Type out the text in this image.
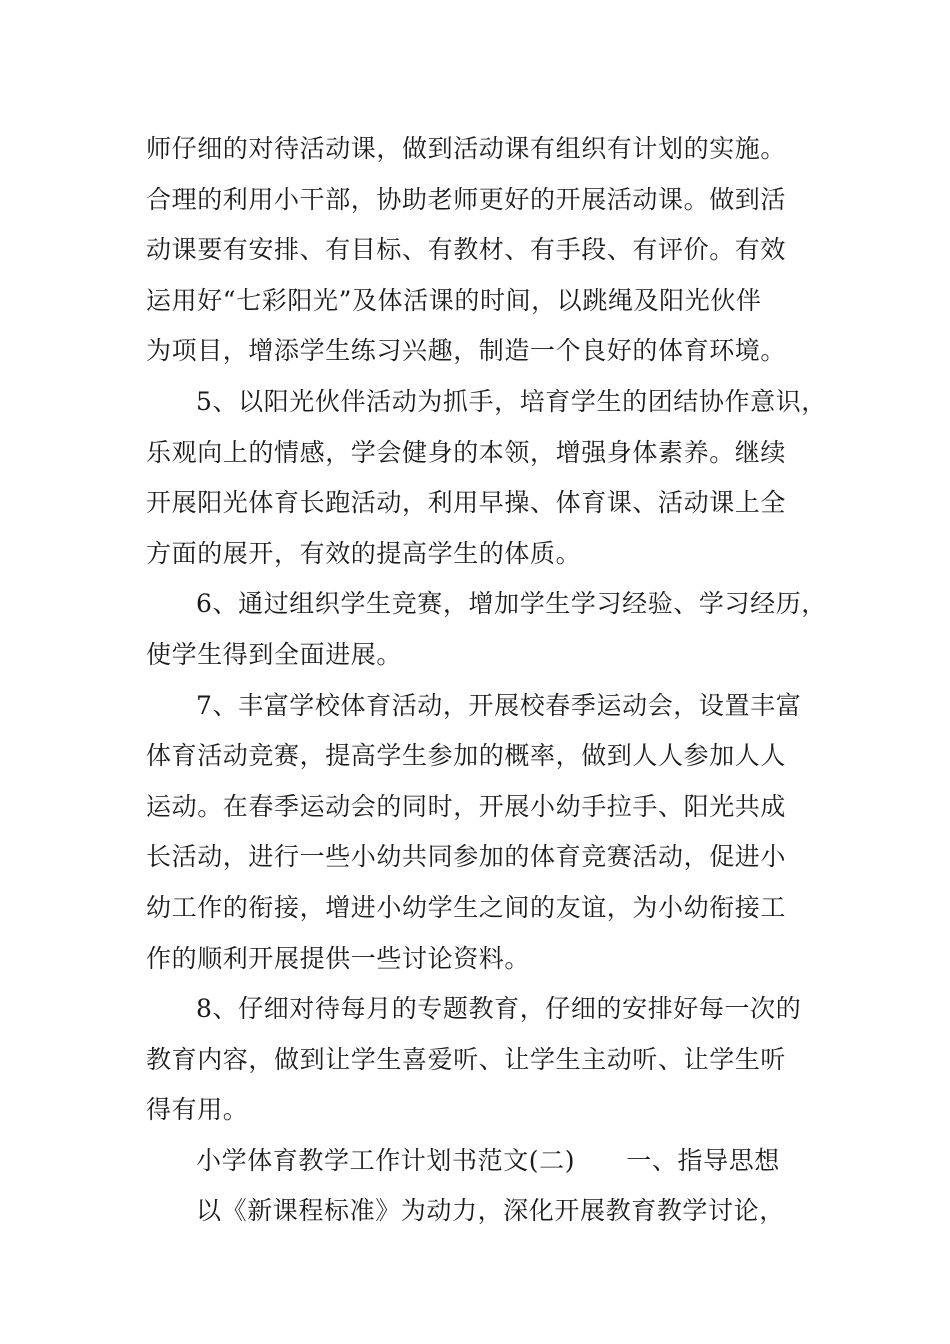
师仔细的对待活动课，做到活动课有组织有计划的实施。
合理的利用小干部，协助老师更好的开展活动课。做到活
动课要有安排、有目标、有教材、有手段、有评价。有效
运用好“七彩阳光”及体活课的时间，以跳绳及阳光伙伴
为项目，增添学生练习兴趣，制造一个良好的体育环境。
5、以阳光伙伴活动为抓手，培育学生的团结协作意识，
乐观向上的情感，学会健身的本领，增强身体素养。继续
开展阳光体育长跑活动，利用早操、体育课、活动课上全
方面的展开，有效的提高学生的体质。
6、通过组织学生竞赛，增加学生学习经验、学习经历，
使学生得到全面进展。
7、丰富学校体育活动，开展校春季运动会，设置丰富
体育活动竞赛，提高学生参加的概率，做到人人参加人人
运动。在春季运动会的同时，开展小幼手拉手、阳光共成
长活动，进行一些小幼共同参加的体育竞赛活动，促进小
幼工作的衔接，增进小幼学生之间的友谊，为小幼衔接工
作的顺利开展提供一些讨论资料。
8、仔细对待每月的专题教育，仔细的安排好每一次的
教育内容，做到让学生喜爱听、让学生主动听、让学生听
得有用。
小学体育教学工作计划书范文(二)　　一、指导思想
以《新课程标准》为动力，深化开展教育教学讨论，
